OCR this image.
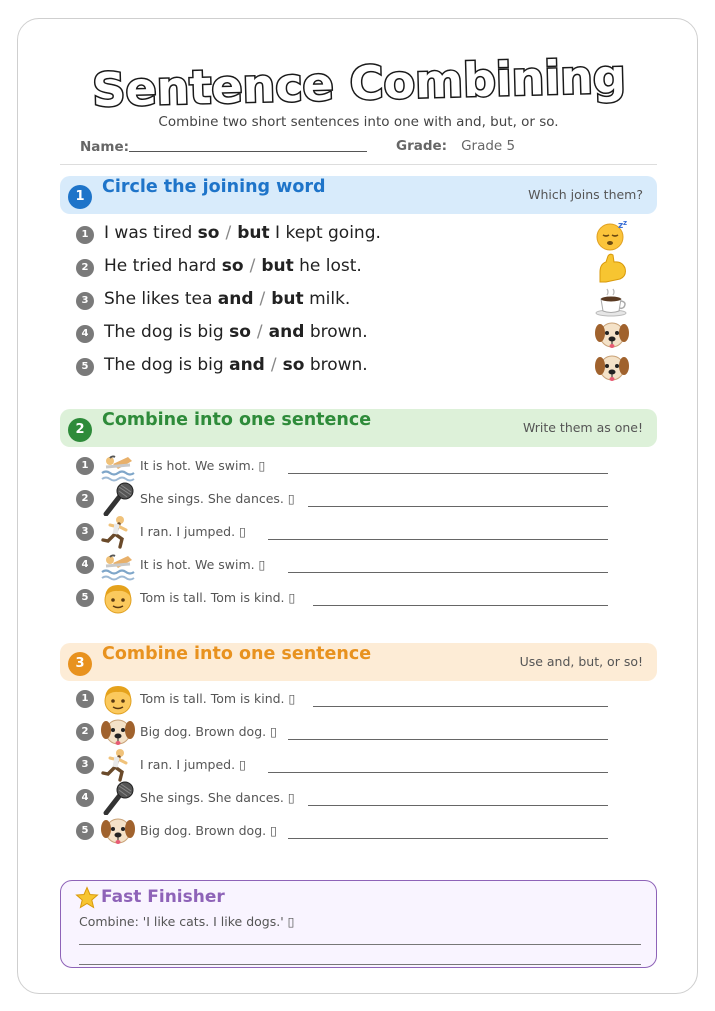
Sentence Combining
Combine two short sentences into one with and, but, or so.
Name:	Grade: Grade 5
1 Circle the joining word	Which joins them?
1 I was tired so / but I kept going.	z z
2 He tried hard so / but he lost.
3 She likes tea and / but milk.
4 The dog is big so / and brown.
5 The dog is big and / so brown.
2 Combine into one sentence	Write them as one!
1	It is hot. We swim. ▯
2	She sings. She dances. ▯
3	I ran. I jumped. ▯
4	It is hot. We swim. ▯
5	Tom is tall. Tom is kind. ▯
3 Combine into one sentence	Use and, but, or so!
1	Tom is tall. Tom is kind. ▯
2	Big dog. Brown dog. ▯
3	I ran. I jumped. ▯
4	She sings. She dances. ▯
5	Big dog. Brown dog. ▯
Fast Finisher
Combine: 'I like cats. I like dogs.' ▯
